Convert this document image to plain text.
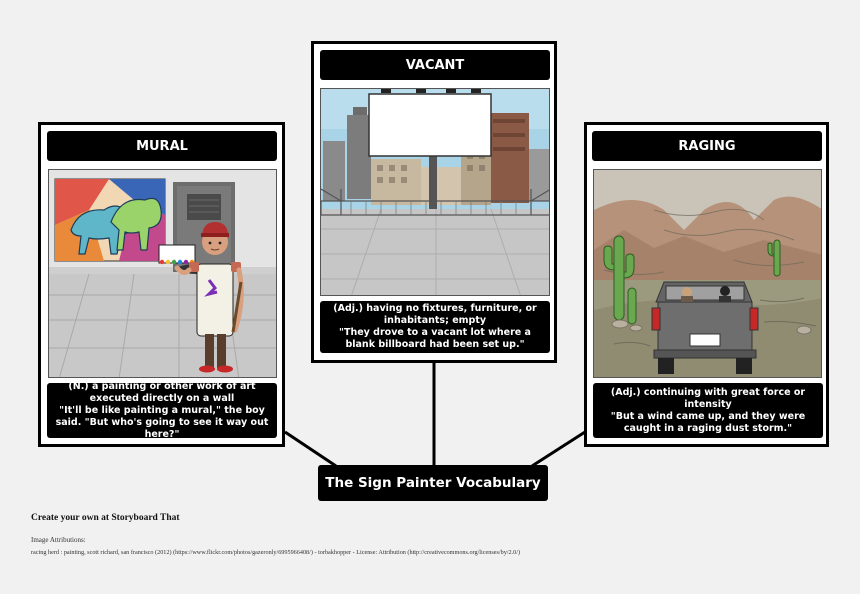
MURAL
(N.) a painting or other work of art executed directly on a wall
"It'll be like painting a mural," the boy said. "But who's going to see it way out here?"
VACANT
(Adj.) having no fixtures, furniture, or inhabitants; empty
"They drove to a vacant lot where a blank billboard had been set up."
RAGING
(Adj.) continuing with great force or intensity
"But a wind came up, and they were caught in a raging dust storm."
The Sign Painter Vocabulary
Create your own at Storyboard That
Image Attributions:
racing herd : painting, scott richard, san francisco (2012) (https://www.flickr.com/photos/gazeronly/6995966408/) - torbakhopper - License: Attribution (http://creativecommons.org/licenses/by/2.0/)
